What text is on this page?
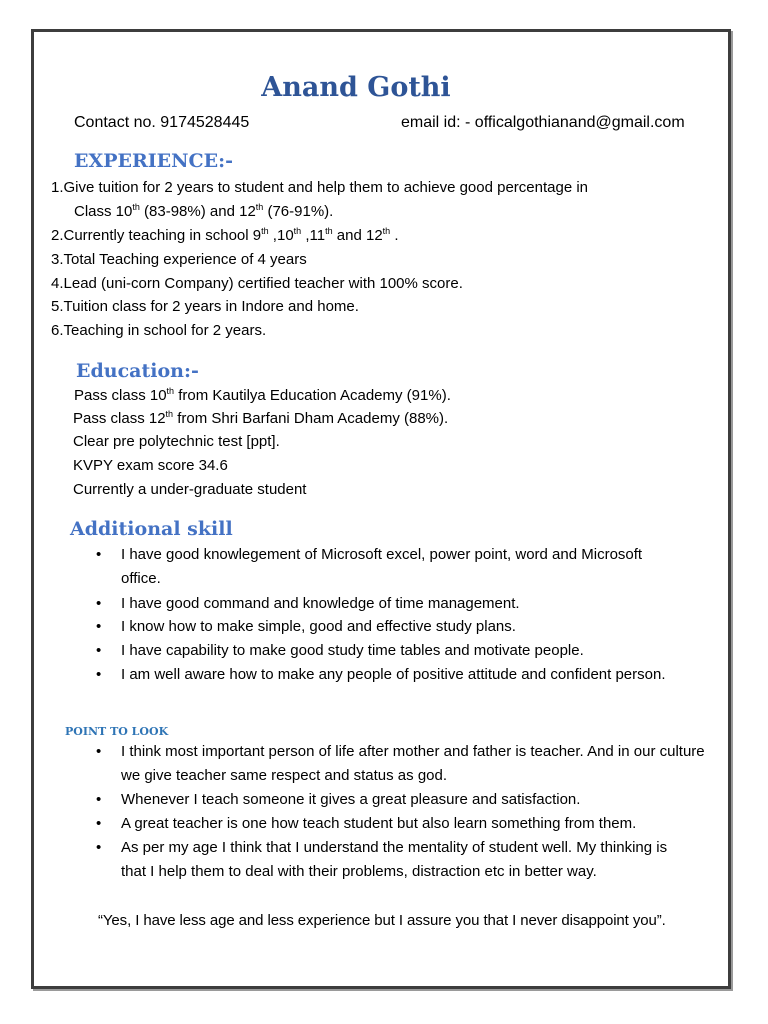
Anand Gothi
Contact no. 9174528445	email id: - officalgothianand@gmail.com
EXPERIENCE:-
1.Give tuition for 2 years to student and help them to achieve good percentage in
Class 10th (83-98%) and 12th (76-91%).
2.Currently teaching in school 9th ,10th ,11th and 12th .
3.Total Teaching experience of 4 years
4.Lead (uni-corn Company) certified teacher with 100% score.
5.Tuition class for 2 years in Indore and home.
6.Teaching in school for 2 years.
Education:-
Pass class 10th from Kautilya Education Academy (91%).
Pass class 12th from Shri Barfani Dham Academy (88%).
Clear pre polytechnic test [ppt].
KVPY exam score 34.6
Currently a under-graduate student
Additional skill
• I have good knowlegement of Microsoft excel, power point, word and Microsoft office.
• I have good command and knowledge of time management.
• I know how to make simple, good and effective study plans.
• I have capability to make good study time tables and motivate people.
• I am well aware how to make any people of positive attitude and confident person.
POINT TO LOOK
• I think most important person of life after mother and father is teacher. And in our culture we give teacher same respect and status as god.
• Whenever I teach someone it gives a great pleasure and satisfaction.
• A great teacher is one how teach student but also learn something from them.
• As per my age I think that I understand the mentality of student well. My thinking is that I help them to deal with their problems, distraction etc in better way.
“Yes, I have less age and less experience but I assure you that I never disappoint you”.
